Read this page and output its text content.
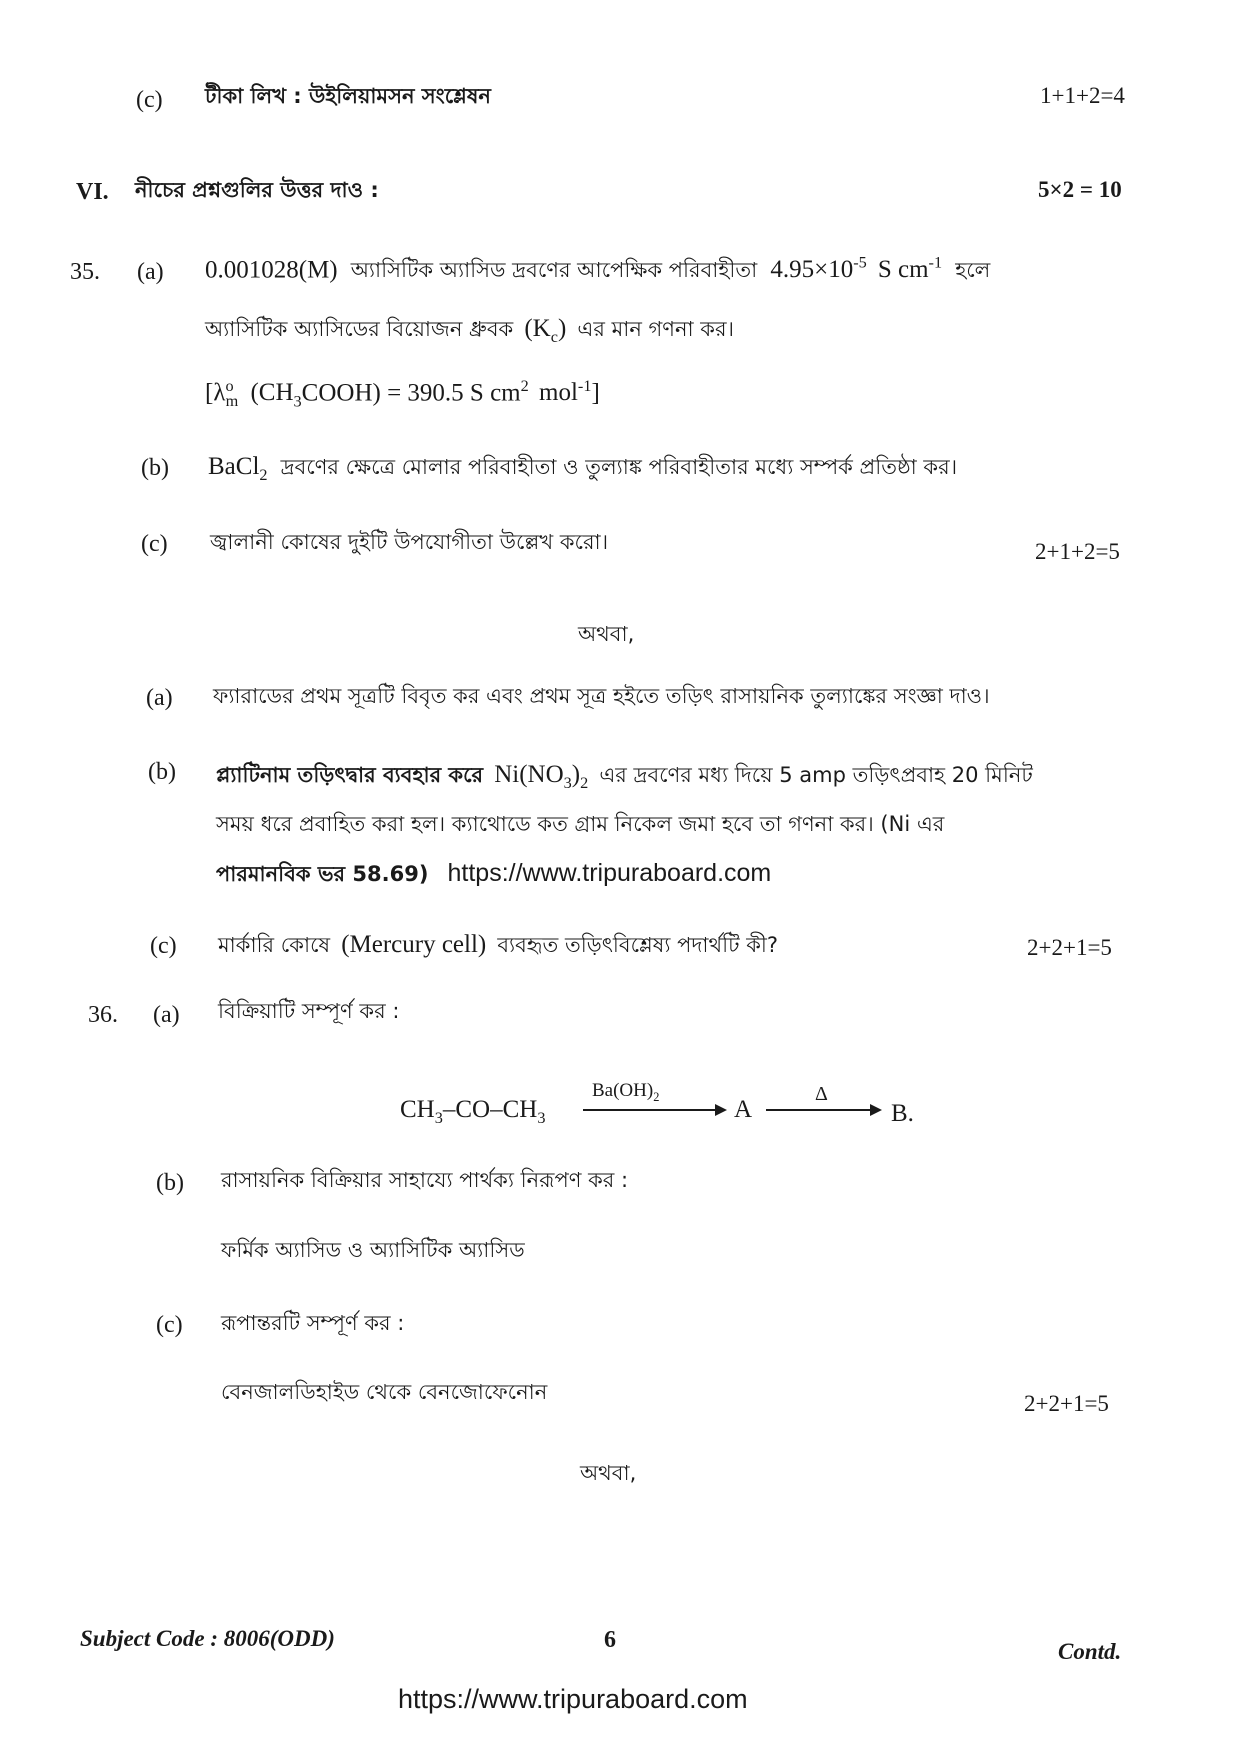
(c) টীকা লিখ : উইলিয়ামসন সংশ্লেষন	1+1+2=4
VI. নীচের প্রশ্নগুলির উত্তর দাও :	5×2 = 10
35. (a) 0.001028(M) অ্যাসিটিক অ্যাসিড দ্রবণের আপেক্ষিক পরিবাহীতা $4.95\times 10^{-5}$ S $cm^{-1}$ হলে
অ্যাসিটিক অ্যাসিডের বিয়োজন ধ্রুবক $(K_c)$ এর মান গণনা কর।
[$\lambda^o_m$ $(CH_3COOH) = 390.5$ S $cm^2$ mol$^{-1}$]
(b) BaCl$_2$ দ্রবণের ক্ষেত্রে মোলার পরিবাহীতা ও তুল্যাঙ্ক পরিবাহীতার মধ্যে সম্পর্ক প্রতিষ্ঠা কর।
(c) জ্বালানী কোষের দুইটি উপযোগীতা উল্লেখ করো।	2+1+2=5
অথবা,
(a) ফ্যারাডের প্রথম সূত্রটি বিবৃত কর এবং প্রথম সূত্র হইতে তড়িৎ রাসায়নিক তুল্যাঙ্কের সংজ্ঞা দাও।
(b) প্ল্যাটিনাম তড়িৎদ্বার ব্যবহার করে $Ni(NO_3)_2$ এর দ্রবণের মধ্য দিয়ে 5 amp তড়িৎপ্রবাহ 20 মিনিট
সময় ধরে প্রবাহিত করা হল। ক্যাথোডে কত গ্রাম নিকেল জমা হবে তা গণনা কর। (Ni এর
পারমানবিক ভর 58.69) https://www.tripuraboard.com
(c) মার্কারি কোষে (Mercury cell) ব্যবহৃত তড়িৎবিশ্লেষ্য পদার্থটি কী?	2+2+1=5
36. (a) বিক্রিয়াটি সম্পূর্ণ কর :
$CH_3-CO-CH_3$
$Ba(OH)_2$	A
Δ
B.
(b) রাসায়নিক বিক্রিয়ার সাহায্যে পার্থক্য নিরূপণ কর :
ফর্মিক অ্যাসিড ও অ্যাসিটিক অ্যাসিড
(c) রূপান্তরটি সম্পূর্ণ কর :
বেনজালডিহাইড থেকে বেনজোফেনোন	2+2+1=5
অথবা,
Subject Code : 8006(ODD)	6	Contd.
https://www.tripuraboard.com
